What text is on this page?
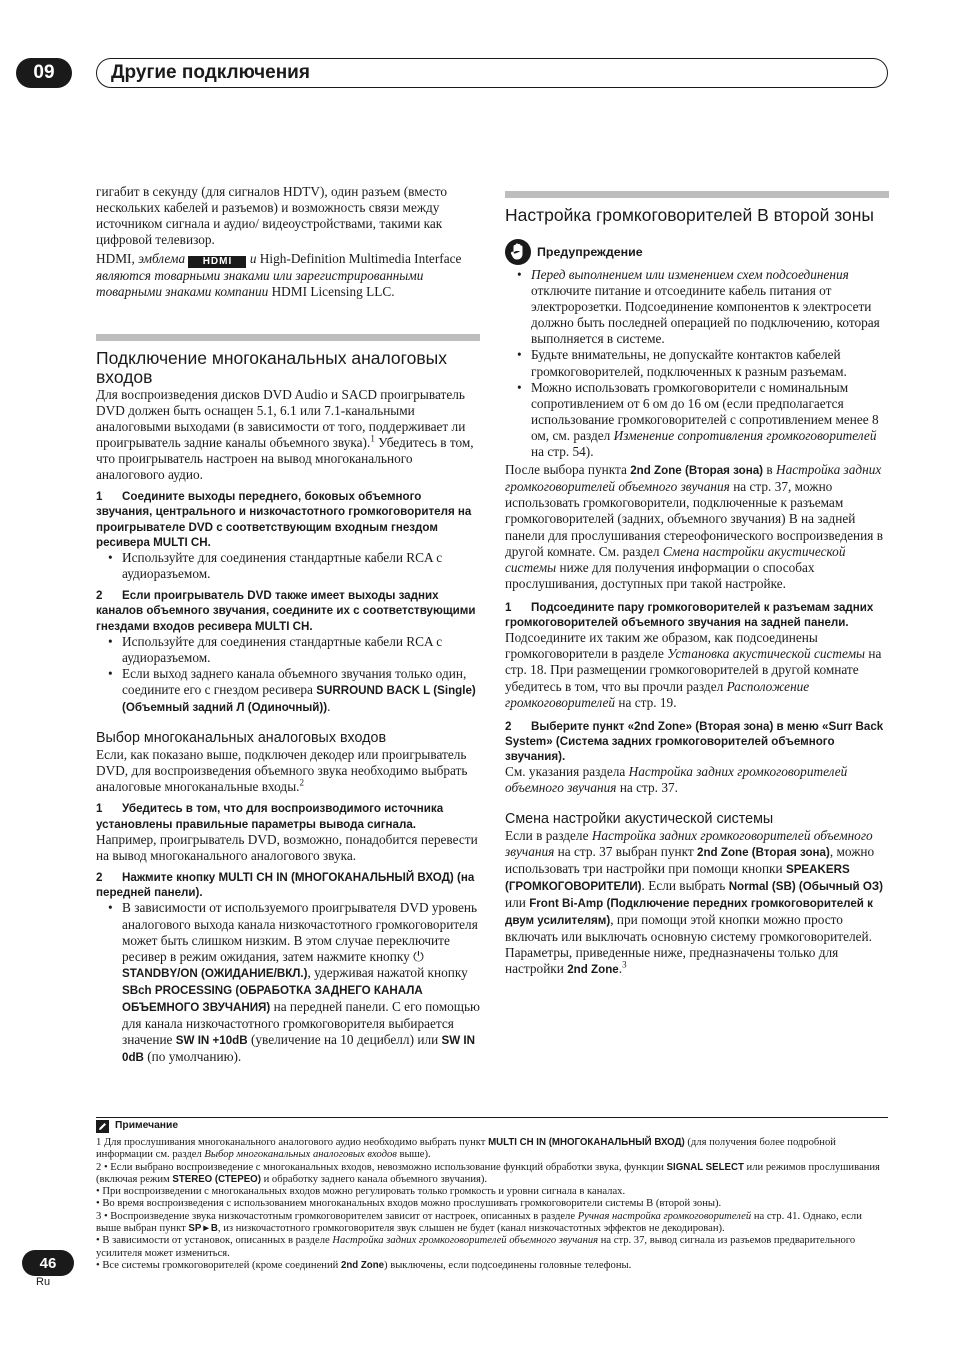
09	Другие подключения

гигабит в секунду (для сигналов HDTV), один разъем (вместо нескольких кабелей и разъемов) и возможность связи между источником сигнала и аудио/ видеоустройствами, такими как цифровой телевизор.

HDMI, эмблема HDMI и High-Definition Multimedia Interface являются товарными знаками или зарегистрированными товарными знаками компании HDMI Licensing LLC.

Подключение многоканальных аналоговых входов

Для воспроизведения дисков DVD Audio и SACD проигрыватель DVD должен быть оснащен 5.1, 6.1 или 7.1-канальными аналоговыми выходами (в зависимости от того, поддерживает ли проигрыватель задние каналы объемного звука).$^1$ Убедитесь в том, что проигрыватель настроен на вывод многоканального аналогового аудио.

1 Соедините выходы переднего, боковых объемного звучания, центрального и низкочастотного громкоговорителя на проигрывателе DVD с соответствующим входным гнездом ресивера MULTI CH.

• Используйте для соединения стандартные кабели RCA с аудиоразъемом.

2 Если проигрыватель DVD также имеет выходы задних каналов объемного звучания, соедините их с соответствующими гнездами входов ресивера MULTI CH.

• Используйте для соединения стандартные кабели RCA с аудиоразъемом.
• Если выход заднего канала объемного звучания только один, соедините его с гнездом ресивера SURROUND BACK L (Single) (Объемный задний Л (Одиночный)).
Выбор многоканальных аналоговых входов

Если, как показано выше, подключен декодер или проигрыватель DVD, для воспроизведения объемного звука необходимо выбрать аналоговые многоканальные входы.$^2$

1 Убедитесь в том, что для воспроизводимого источника установлены правильные параметры вывода сигнала.

Например, проигрыватель DVD, возможно, понадобится перевести на вывод многоканального аналогового звука.

2 Нажмите кнопку MULTI CH IN (МНОГОКАНАЛЬНЫЙ ВХОД) (на передней панели).

• В зависимости от используемого проигрывателя DVD уровень аналогового выхода канала низкочастотного громкоговорителя может быть слишком низким. В этом случае переключите ресивер в режим ожидания, затем нажмите кнопку ⏻ STANDBY/ON (ОЖИДАНИЕ/ВКЛ.), удерживая нажатой кнопку SBch PROCESSING (ОБРАБОТКА ЗАДНЕГО КАНАЛА ОБЪЕМНОГО ЗВУЧАНИЯ) на передней панели. С его помощью для канала низкочастотного громкоговорителя выбирается значение SW IN +10dB (увеличение на 10 децибелл) или SW IN 0dB (по умолчанию).
Настройка громкоговорителей В второй зоны
Предупреждение
• Перед выполнением или изменением схем подсоединения отключите питание и отсоедините кабель питания от электророзетки. Подсоединение компонентов к электросети должно быть последней операцией по подключению, которая выполняется в системе.
• Будьте внимательны, не допускайте контактов кабелей громкоговорителей, подключенных к разным разъемам.
• Можно использовать громкоговорители с номинальным сопротивлением от 6 ом до 16 ом (если предполагается использование громкоговорителей с сопротивлением менее 8 ом, см. раздел Изменение сопротивления громкоговорителей на стр. 54).

После выбора пункта 2nd Zone (Вторая зона) в Настройка задних громкоговорителей объемного звучания на стр. 37, можно использовать громкоговорители, подключенные к разъемам громкоговорителей (задних, объемного звучания) В на задней панели для прослушивания стереофонического воспроизведения в другой комнате. См. раздел Смена настройки акустической системы ниже для получения информации о способах прослушивания, доступных при такой настройке.

1 Подсоедините пару громкоговорителей к разъемам задних громкоговорителей объемного звучания на задней панели.

Подсоедините их таким же образом, как подсоединены громкоговорители в разделе Установка акустической системы на стр. 18. При размещении громкоговорителей в другой комнате убедитесь в том, что вы прочли раздел Расположение громкоговорителей на стр. 19.

2 Выберите пункт «2nd Zone» (Вторая зона) в меню «Surr Back System» (Система задних громкоговорителей объемного звучания).

См. указания раздела Настройка задних громкоговорителей объемного звучания на стр. 37.

Смена настройки акустической системы

Если в разделе Настройка задних громкоговорителей объемного звучания на стр. 37 выбран пункт 2nd Zone (Вторая зона), можно использовать три настройки при помощи кнопки SPEAKERS (ГРОМКОГОВОРИТЕЛИ). Если выбрать Normal (SB) (Обычный ОЗ) или Front Bi-Amp (Подключение передних громкоговорителей к двум усилителям), при помощи этой кнопки можно просто включать или выключать основную систему громкоговорителей. Параметры, приведенные ниже, предназначены только для настройки 2nd Zone.$^3$

Примечание

1 Для прослушивания многоканального аналогового аудио необходимо выбрать пункт MULTI CH IN (МНОГОКАНАЛЬНЫЙ ВХОД) (для получения более подробной информации см. раздел Выбор многоканальных аналоговых входов выше).

2 • Если выбрано воспроизведение с многоканальных входов, невозможно использование функций обработки звука, функции SIGNAL SELECT или режимов прослушивания (включая режим STEREO (СТЕРЕО) и обработку заднего канала объемного звучания).

• При воспроизведении с многоканальных входов можно регулировать только громкость и уровни сигнала в каналах.

• Во время воспроизведения с использованием многоканальных входов можно прослушивать громкоговорители системы В (второй зоны).

3 • Воспроизведение звука низкочастотным громкоговорителем зависит от настроек, описанных в разделе Ручная настройка громкоговорителей на стр. 41. Однако, если выше выбран пункт SP►B, из низкочастотного громкоговорителя звук слышен не будет (канал низкочастотных эффектов не декодирован).

• В зависимости от установок, описанных в разделе Настройка задних громкоговорителей объемного звучания на стр. 37, вывод сигнала из разъемов предварительного усилителя может измениться.

• Все системы громкоговорителей (кроме соединений 2nd Zone) выключены, если подсоединены головные телефоны.

46
Ru
